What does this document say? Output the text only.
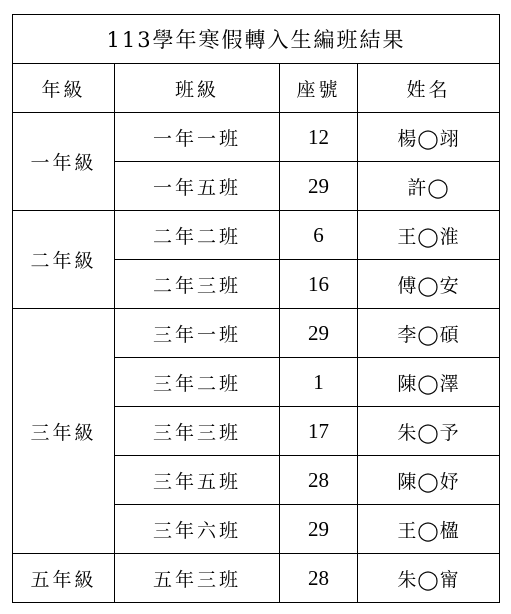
113學年寒假轉入生編班結果			
年級	班級	座號	姓名
一年級	一年一班	12	楊◯翊
	一年五班	29	許◯
二年級	二年二班	6	王◯淮
	二年三班	16	傅◯安
三年級	三年一班	29	李◯碩
	三年二班	1	陳◯澤
	三年三班	17	朱◯予
	三年五班	28	陳◯妤
	三年六班	29	王◯楹
五年級	五年三班	28	朱◯甯
